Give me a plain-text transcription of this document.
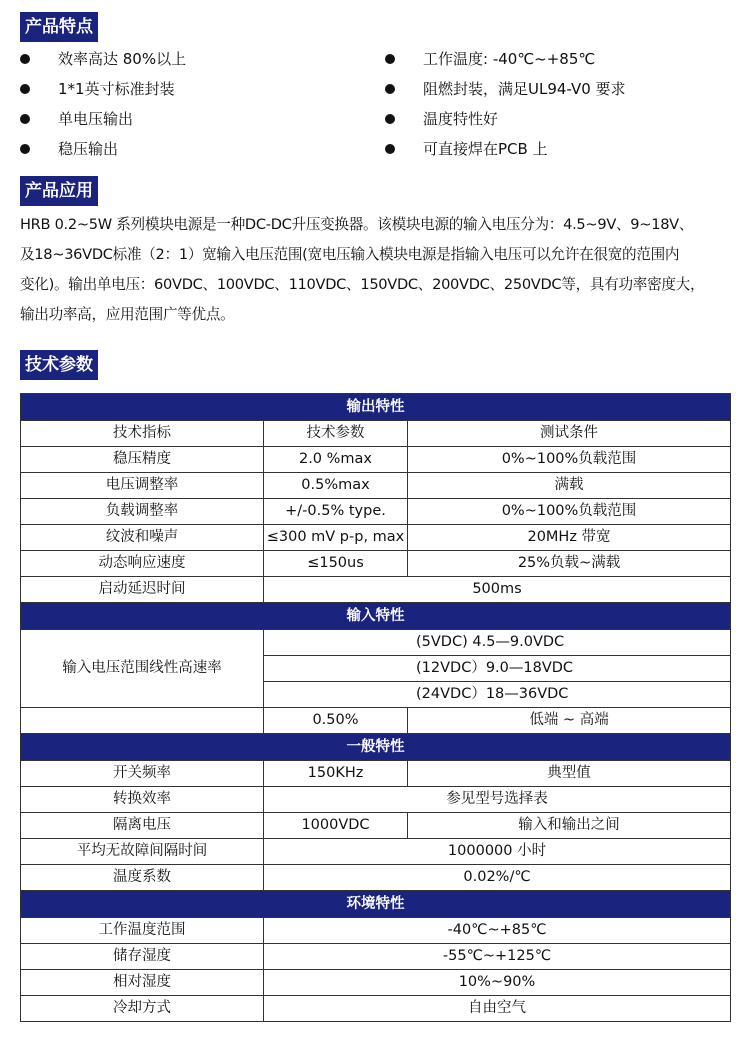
产品特点
效率高达 80%以上
1*1英寸标准封装
单电压输出
稳压输出
工作温度: -40℃~+85℃
阻燃封装，满足UL94-V0 要求
温度特性好
可直接焊在PCB 上
产品应用
HRB 0.2~5W 系列模块电源是一种DC-DC升压变换器。该模块电源的输入电压分为：4.5~9V、9~18V、
及18~36VDC标准（2：1）宽输入电压范围(宽电压输入模块电源是指输入电压可以允许在很宽的范围内
变化)。输出单电压：60VDC、100VDC、110VDC、150VDC、200VDC、250VDC等，具有功率密度大，
输出功率高，应用范围广等优点。
技术参数
输出特性		
技术指标	技术参数	测试条件
稳压精度	2.0 %max	0%~100%负载范围
电压调整率	0.5%max	满载
负载调整率	+/-0.5% type.	0%~100%负载范围
纹波和噪声	≤300 mV p-p, max	20MHz 带宽
动态响应速度	≤150us	25%负载~满载
启动延迟时间	500ms	
输入特性		
输入电压范围线性高速率	(5VDC) 4.5—9.0VDC	
	(12VDC）9.0—18VDC	
	(24VDC）18—36VDC	
	0.50%	低端 ~ 高端
一般特性		
开关频率	150KHz	典型值
转换效率	参见型号选择表	
隔离电压	1000VDC	输入和输出之间
平均无故障间隔时间	1000000 小时	
温度系数	0.02%/℃	
环境特性		
工作温度范围	-40℃~+85℃	
储存湿度	-55℃~+125℃	
相对湿度	10%~90%	
冷却方式	自由空气	
